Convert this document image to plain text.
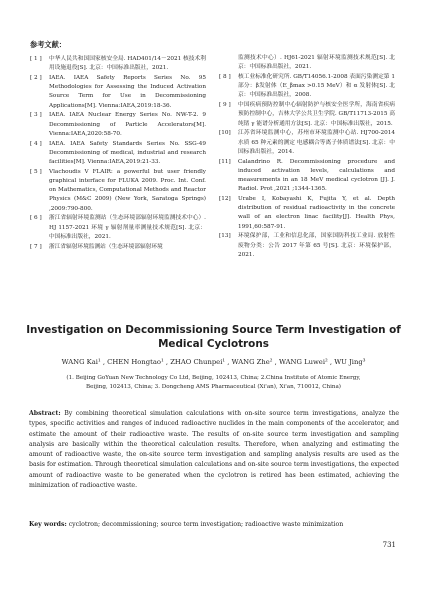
参考文献：
[ 1 ]	中华人民共和国国家核安全局. HAD401/14－2021 核技术利用设施退役[S]. 北京：中国标准出版社，2021.
[ 2 ]	IAEA. IAEA Safety Reports Series No. 95 Methodologies for Assessing the Induced Activation Source Term for Use in Decommissioning Applications[M]. Vienna:IAEA,2019:18-36.
[ 3 ]	IAEA. IAEA Nuclear Energy Series No. NW-T-2. 9 Decommissioning of Particle Accelerators[M]. Vienna:IAEA,2020:58-70.
[ 4 ]	IAEA. IAEA Safety Standards Series No. SSG-49 Decommissioning of medical, industrial and research facilities[M]. Vienna:IAEA,2019:21-33.
[ 5 ]	Vlachoudis V FLAIR: a powerful but user friendly graphical interface for FLUKA 2009. Proc. Int. Conf. on Mathematics, Computational Methods and Reactor Physics (M&C 2009) (New York, Saratoga Springs) ,2009:790-800.
[ 6 ]	浙江省辐射环境监测站（生态环境部辐射环境监测技术中心）. HJ 1157-2021 环境 γ 辐射剂量率测量技术规范[S]. 北京：中国标准出版社，2021.
[ 7 ]	浙江省辐射环境监测站（生态环境部辐射环境
监测技术中心）. HJ61-2021 辐射环境监测技术规范[S]. 北京：中国标准出版社，2021.
[ 8 ]	核工业标准化研究所. GB/T14056.1-2008 表面污染测定第 1 部分：β发射体（E_βmax >0.15 MeV）和 α 发射体[S]. 北京：中国标准出版社，2008.
[ 9 ]	中国疾病预防控制中心辐射防护与核安全医学所，海南省疾病预防控制中心，吉林大学公共卫生学院. GB/T11713-2015 高纯锗 γ 能谱分析通用方法[S]. 北京：中国标准出版社，2015.
[10]	江苏省环境监测中心，苏州市环境监测中心站. HJ700-2014 水质 65 种元素的测定 电感耦合等离子体质谱法[S]. 北京：中国标准出版社，2014.
[11]	Calandrino R. Decommissioning procedure and induced activation levels, calculations and measurements in an 18 MeV medical cyclotron [J]. J. Radiol. Prot ,2021 ;1344-1365.
[12]	Urabe I, Kobayashi K, Fujita Y, et al. Depth distribution of residual radioactivity in the concrete wall of an electron linac facility[J]. Health Phys, 1991,60:587-91.
[13]	环境保护部，工业和信息化部，国家国防科技工业局. 放射性废物分类：公告 2017 年第 65 号[S]. 北京：环境保护部，2021.
Investigation on Decommissioning Source Term Investigation of Medical Cyclotrons
WANG Kai¹ , CHEN Hongtao¹ , ZHAO Chunpei¹ , WANG Zhe² , WANG Luwei² , WU Jing³
(1. Beijing GoYuan New Technology Co Ltd, Beijing, 102413, China; 2.China Institute of Atomic Energy,
Beijing, 102413, China; 3. Dongcheng AMS Pharmaceutical (Xi'an), Xi'an, 710012, China)
Abstract: By combining theoretical simulation calculations with on-site source term investigations, analyze the types, specific activities and ranges of induced radioactive nuclides in the main components of the accelerator, and estimate the amount of their radioactive waste. The results of on-site source term investigation and sampling analysis are basically within the theoretical calculation results. Therefore, when analyzing and estimating the amount of radioactive waste, the on-site source term investigation and sampling analysis results are used as the basis for estimation. Through theoretical simulation calculations and on-site source term investigations, the expected amount of radioactive waste to be generated when the cyclotron is retired has been estimated, achieving the minimization of radioactive waste.
Key words: cyclotron; decommissioning; source term investigation; radioactive waste minimization
731
